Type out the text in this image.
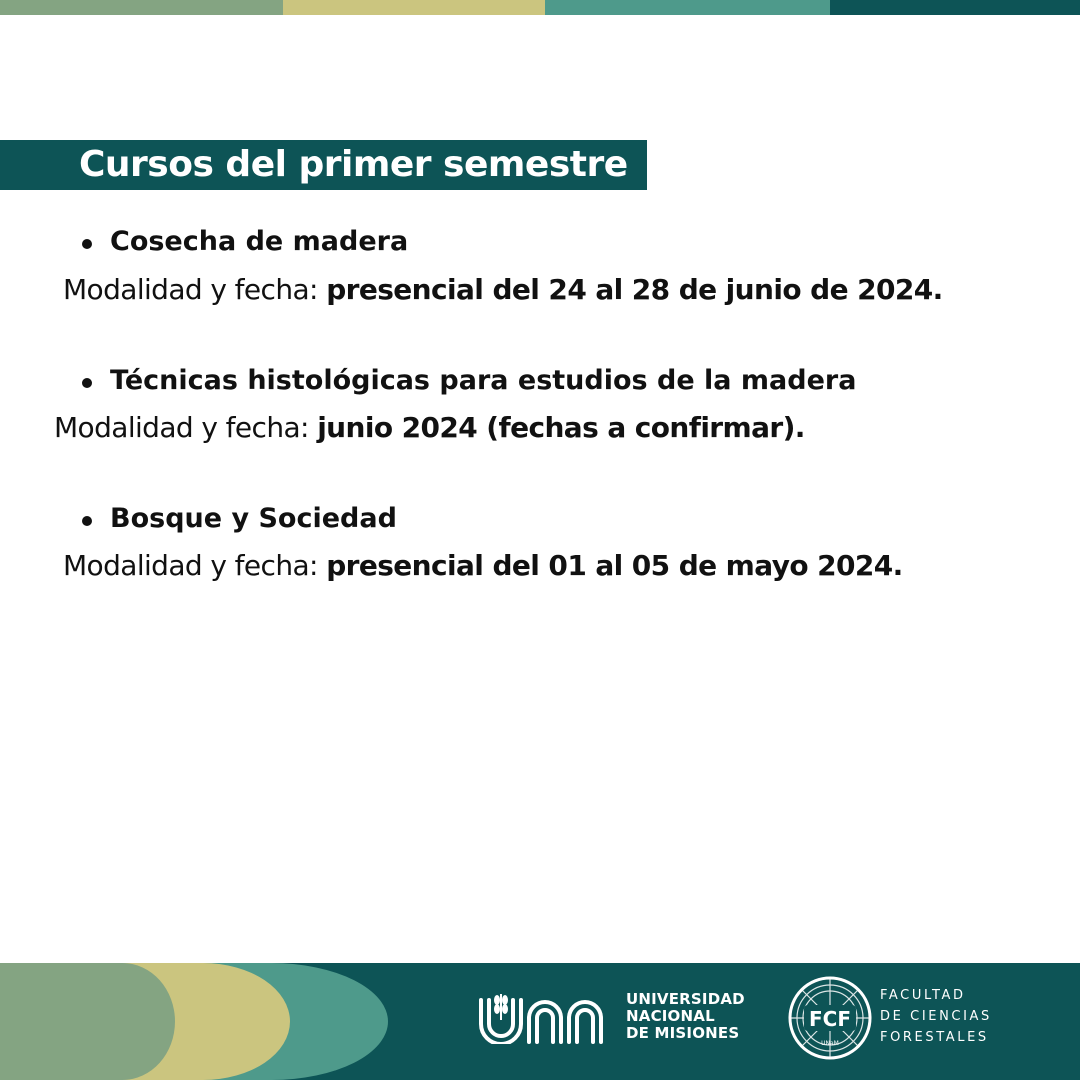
Cursos del primer semestre
Cosecha de madera
Modalidad y fecha: presencial del 24 al 28 de junio de 2024.
Técnicas histológicas para estudios de la madera
Modalidad y fecha: junio 2024 (fechas a confirmar).
Bosque y Sociedad
Modalidad y fecha: presencial del 01 al 05 de mayo 2024.
UNIVERSIDAD
NACIONAL
DE MISIONES
FCF
UNaM
FACULTAD
DE CIENCIAS
FORESTALES
